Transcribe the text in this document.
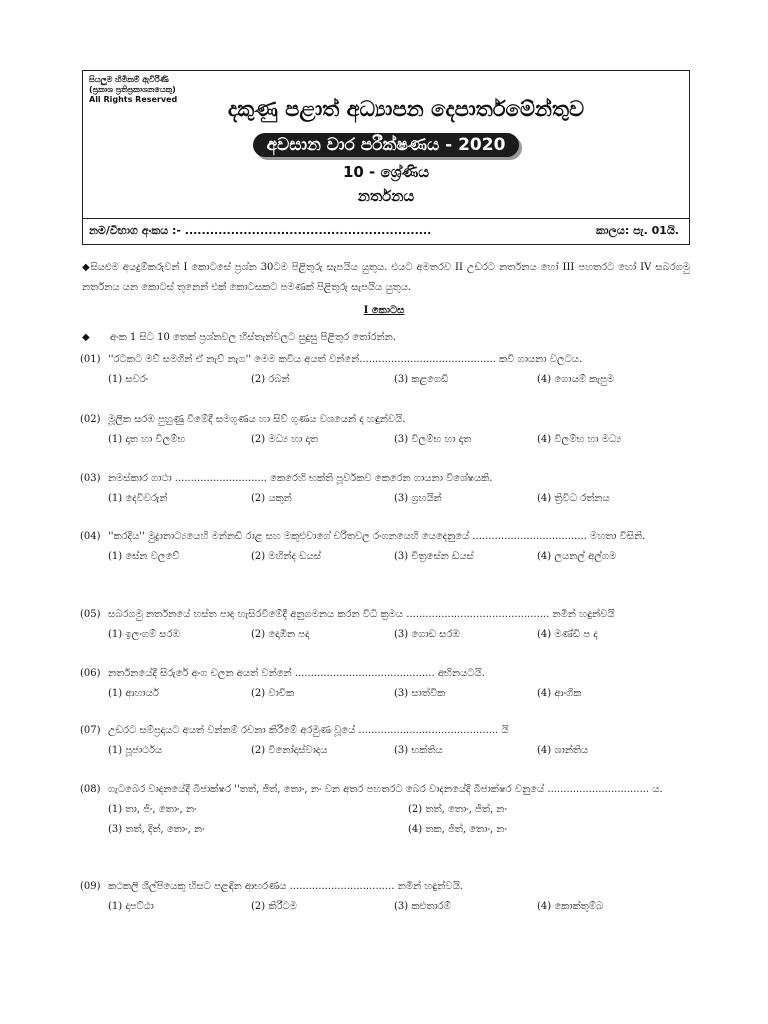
සියලුම හිමිකම් ඇවිරිණි
(ප්‍රකාශ ප්‍රතිප්‍රකාශනයෙකු)
All Rights Reserved	දකුණු පළාත් අධ්‍යාපන දෙපාර්තමේන්තුව
අවසාන වාර පරීක්ෂණය - 2020
10 - ශ්‍රේණිය
නර්තනය
නම/විභාග අංකය :- ...........................................................	කාලය: පැ. 01යි.
◆සියළුම අයදුම්කරුවන් I කොටසේ ප්‍රශ්න 30ටම පිළිතුරු සැපයිය යුතුය. එයට අමතරව II උඩරට නර්තනය හෝ III පහතරට හෝ IV සබරගමු නර්තනය යන කොටස් තුනෙන් එක් කොටසකට පමණක් පිළිතුරු සැපයිය යුතුය.
I කොටස
◆ අංක 1 සිට 10 තෙක් ප්‍රශ්නවල හිස්තැන්වලට සුදුසු පිළිතුර තෝරන්න.
(01) ''රටකට මව් සමගින් ඒ නැව් නැග'' මෙම කවිය අයත් වන්නේ........................................... කවි ගායනා වලටය.
(1) සවරං	(2) රබන්	(3) කළගෙඩි	(4) ගොයම් කැපුම
(02) මූලික සරඹ පුහුණු වීමේදී සමගුණය හා සිව් ගුණය වශයෙන් ද හඳුන්වයි.
(1) දෘත හා විලම්භ	(2) මධ්‍ය හා දෘත	(3) විලම්භ හා දෘත	(4) විලම්භ හා මධ්‍ය
(03) නමස්කාර ගාථා ............................. කෙරෙහි භක්ති පූර්වකව කෙරෙන ගායනා විශේෂයකි.
(1) දෙවිවරුන්	(2) යකුන්	(3) ග්‍රහයින්	(4) ත්‍රිවිධ රත්නය
(04) ''කරදිය'' මුද්‍රානාට්‍යයෙහි මන්නඩි රාළ සහ මකුළුවාගේ චරිතවල රංගනයෙහි යෙදෙනුයේ .................................... මහතා විසිනි.
(1) සේන වලවේ	(2) මහින්ද ඩයස්	(3) චිත්‍රසේන ඩයස්	(4) ලයනල් අල්ගම
(05) සබරගමු නර්තනයේ හස්ත පාද හැසිරවීමේදී අනුගමනය කරන විධි ක්‍රමය ............................................. නමින් හඳුන්වයි
(1) ඉලංගම් සරඹ	(2) දොඹින පද	(3) ගොඩ සරඹ	(4) මණ්ඩි ප ද
(06) නර්තනයේදී සිරුරේ අංග චලන අයත් වන්නේ ............................................ අභිනයටයි.
(1) ආහාර්ය	(2) වාචික	(3) සාත්වික	(4) ආංගික
(07) උඩරට සම්ප්‍රදායට අයත් වන්නම් රචනා කිරීමේ අරමුණ වූයේ ............................................ යි
(1) පූජාර්ථය	(2) විනෝදාස්වාදය	(3) භක්තිය	(4) ශාන්තිය
(08) ගැටබෙර වාදනයේදී බීජාක්ෂර ''තත්, ජිත්, තොං, නං වන අතර පහතරට බෙර වාදනයේදී බීජාක්ෂර වනුයේ ................................ ය.
(1) තා, ජිං, තොං, නං	(2) තත්, තොං, ජිත්, නං
(3) තත්, දිත්, තොං, නං	(4) තක, ජිත්, තොං, නං
(09) කථකලි ශිල්පියෙකු හිසට පළඳින ආභරණය ................................. නමින් හඳුන්වයි.
(1) දාපට්ඨා	(2) කිරීටම	(3) කළුතාරම්	(4) කොක්තුම්බ
